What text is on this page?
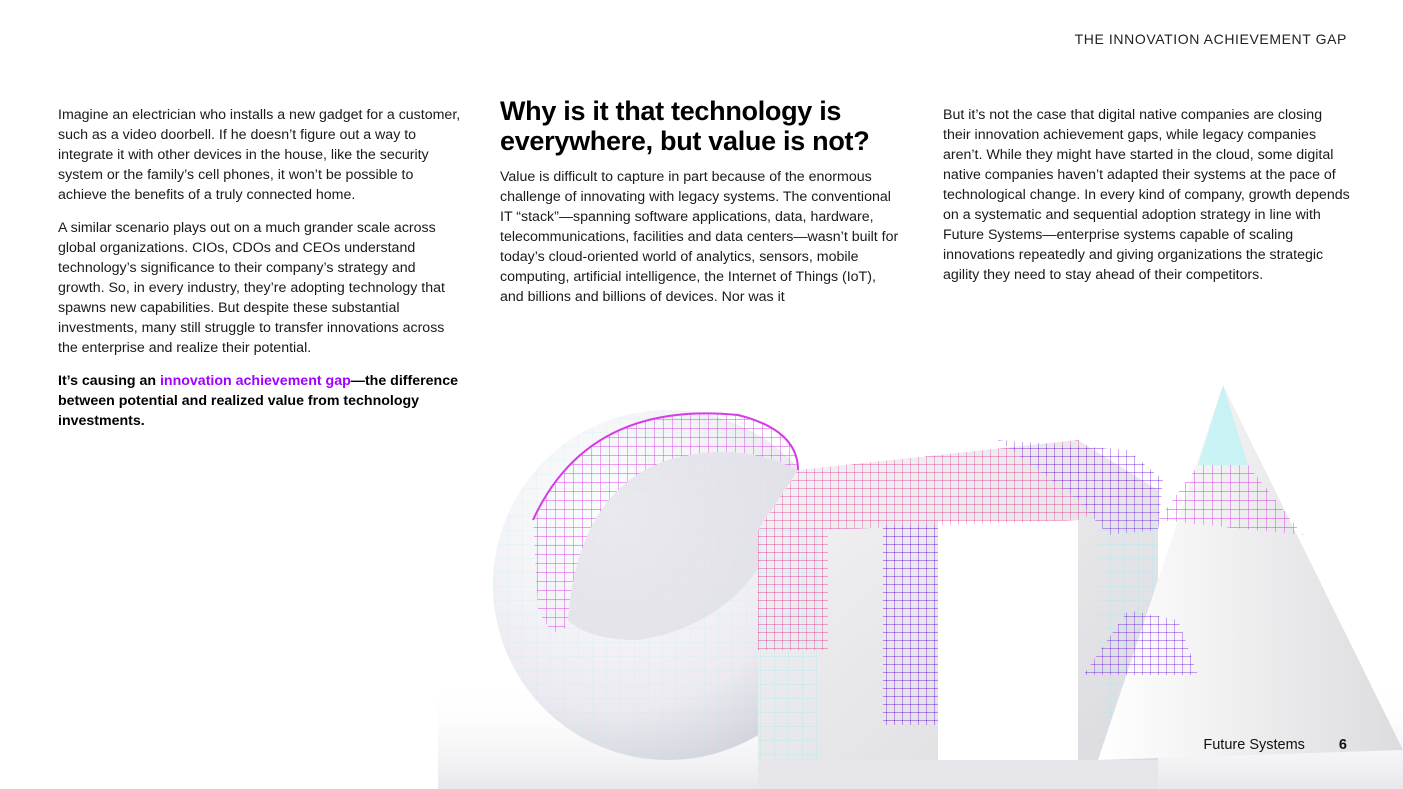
THE INNOVATION ACHIEVEMENT GAP

Imagine an electrician who installs a new gadget for a customer, such as a video doorbell. If he doesn’t figure out a way to integrate it with other devices in the house, like the security system or the family’s cell phones, it won’t be possible to achieve the benefits of a truly connected home.

A similar scenario plays out on a much grander scale across global organizations. CIOs, CDOs and CEOs understand technology’s significance to their company’s strategy and growth. So, in every industry, they’re adopting technology that spawns new capabilities. But despite these substantial investments, many still struggle to transfer innovations across the enterprise and realize their potential.

It’s causing an innovation achievement gap—the difference between potential and realized value from technology investments.

Why is it that technology is everywhere, but value is not?

Value is difficult to capture in part because of the enormous challenge of innovating with legacy systems. The conventional IT “stack”—spanning software applications, data, hardware, telecommunications, facilities and data centers—wasn’t built for today’s cloud-oriented world of analytics, sensors, mobile computing, artificial intelligence, the Internet of Things (IoT), and billions and billions of devices. Nor was it

But it’s not the case that digital native companies are closing their innovation achievement gaps, while legacy companies aren’t. While they might have started in the cloud, some digital native companies haven’t adapted their systems at the pace of technological change. In every kind of company, growth depends on a systematic and sequential adoption strategy in line with Future Systems—enterprise systems capable of scaling innovations repeatedly and giving organizations the strategic agility they need to stay ahead of their competitors.

Future Systems 6
